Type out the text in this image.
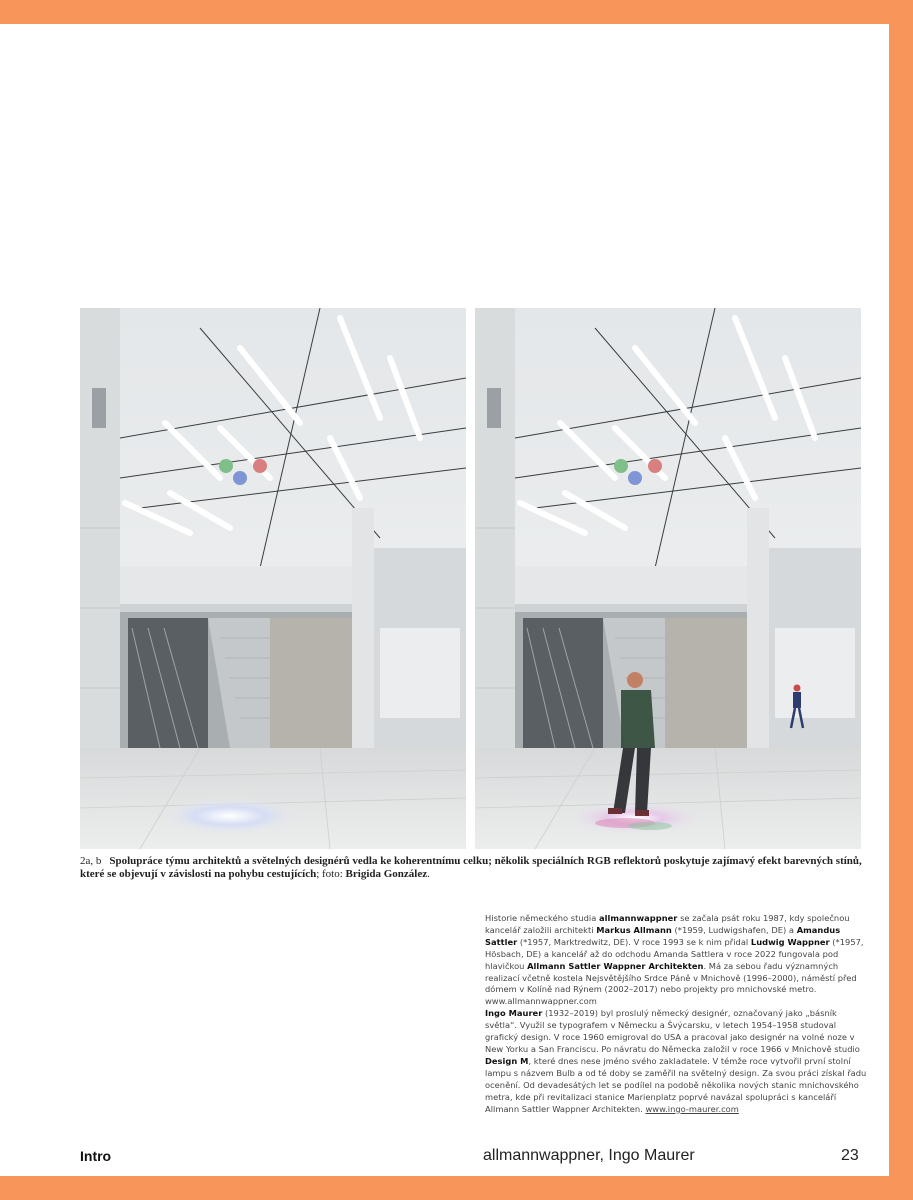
2a, b Spolupráce týmu architektů a světelných designérů vedla ke koherentnímu celku; několik speciálních RGB reflektorů poskytuje zajímavý efekt barevných stínů, které se objevují v závislosti na pohybu cestujících; foto: Brigida González.

Historie německého studia allmannwappner se začala psát roku 1987, kdy společnou kancelář založili architekti Markus Allmann (*1959, Ludwigshafen, DE) a Amandus Sattler (*1957, Marktredwitz, DE). V roce 1993 se k nim přidal Ludwig Wappner (*1957, Hösbach, DE) a kancelář až do odchodu Amanda Sattlera v roce 2022 fungovala pod hlavičkou Allmann Sattler Wappner Architekten. Má za sebou řadu významných realizací včetně kostela Nejsvětějšího Srdce Páně v Mnichově (1996–2000), náměstí před dómem v Kolíně nad Rýnem (2002–2017) nebo projekty pro mnichovské metro. www.allmannwappner.com

Ingo Maurer (1932–2019) byl proslulý německý designér, označovaný jako „básník světla“. Využil se typografem v Německu a Švýcarsku, v letech 1954–1958 studoval grafický design. V roce 1960 emigroval do USA a pracoval jako designér na volné noze v New Yorku a San Franciscu. Po návratu do Německa založil v roce 1966 v Mnichově studio Design M, které dnes nese jméno svého zakladatele. V témže roce vytvořil první stolní lampu s názvem Bulb a od té doby se zaměřil na světelný design. Za svou práci získal řadu ocenění. Od devadesátých let se podílel na podobě několika nových stanic mnichovského metra, kde při revitalizaci stanice Marienplatz poprvé navázal spolupráci s kanceláří Allmann Sattler Wappner Architekten. www.ingo-maurer.com

Intro	allmannwappner, Ingo Maurer	23
